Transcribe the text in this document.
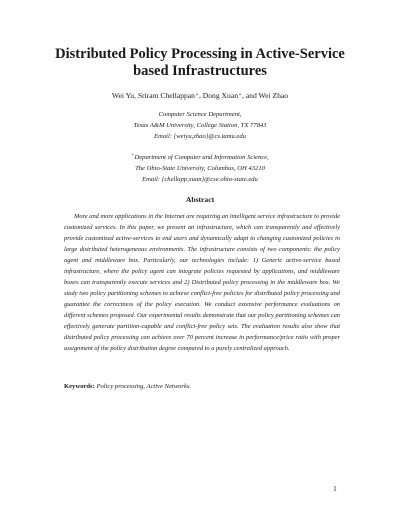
Distributed Policy Processing in Active-Service
based Infrastructures
Wei Yu, Sriram Chellappan⁺, Dong Xuan⁺, and Wei Zhao
Computer Science Department,
Texas A&M University, College Station, TX 77843
Email: {weiyu,zhao}@cs.tamu.edu
+Department of Computer and Information Science,
The Ohio-State University, Columbus, OH 43210
Email: {chellapp,xuan}@cse.ohio-state.edu
Abstract

More and more applications in the Internet are requiring an intelligent service infrastructure to provide customized services. In this paper, we present an infrastructure, which can transparently and effectively provide customized active-services to end users and dynamically adapt to changing customized policies in large distributed heterogeneous environments. The infrastructure consists of two components: the policy agent and middleware box. Particularly, our technologies include: 1) Generic active-service based infrastructure, where the policy agent can integrate policies requested by applications, and middleware boxes can transparently execute services and 2) Distributed policy processing in the middleware box. We study two policy partitioning schemes to achieve conflict-free policies for distributed policy processing and guarantee the correctness of the policy execution. We conduct extensive performance evaluations on different schemes proposed. Our experimental results demonstrate that our policy partitioning schemes can effectively generate partition-capable and conflict-free policy sets. The evaluation results also show that distributed policy processing can achieve over 70 percent increase in performance/price ratio with proper assignment of the policy distribution degree compared to a purely centralized approach.

Keywords: Policy processing, Active Networks.
1
